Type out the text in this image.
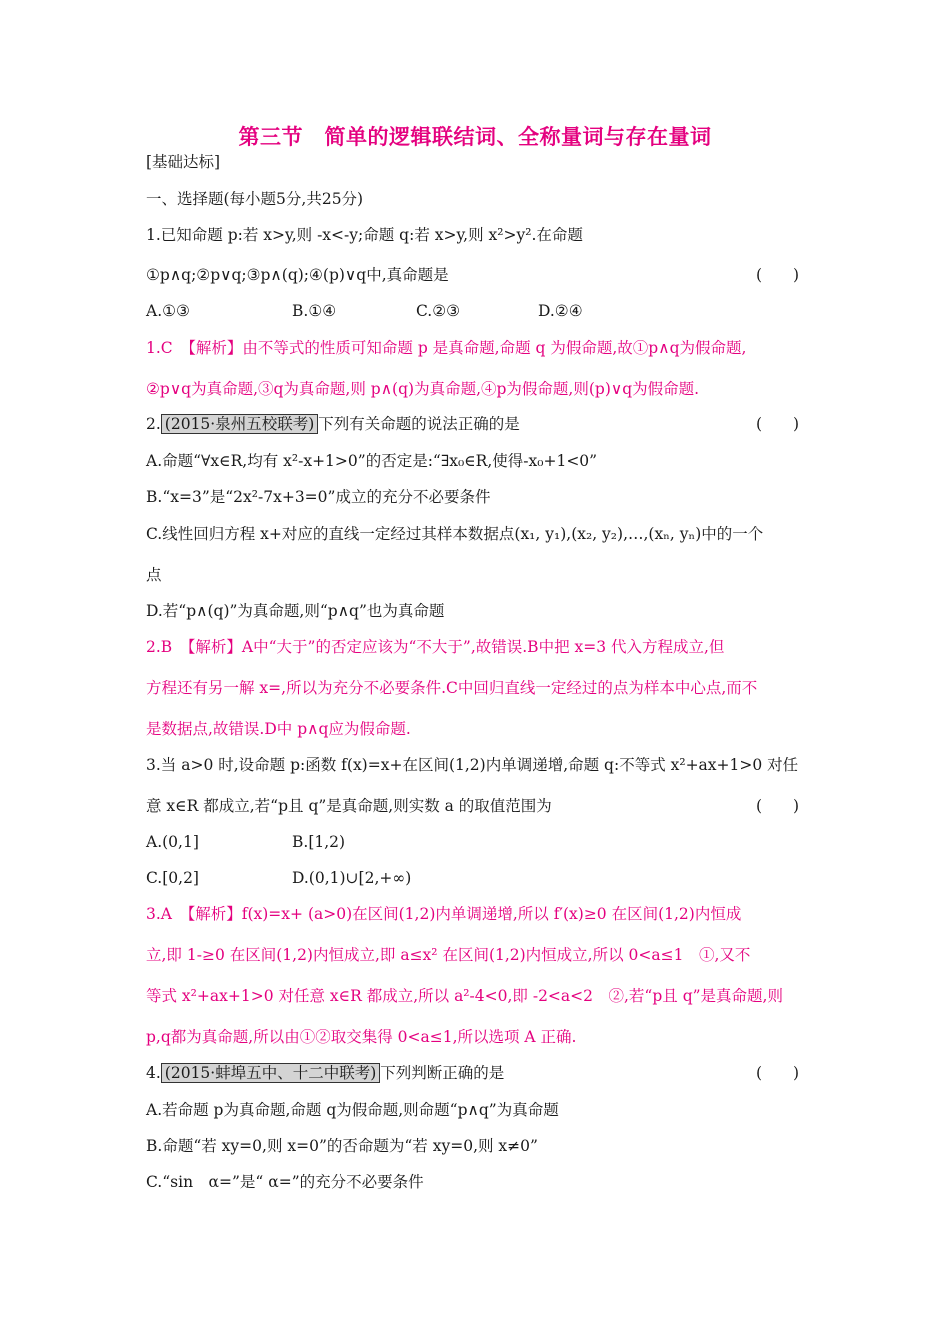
第三节　简单的逻辑联结词、全称量词与存在量词
[基础达标]
一、选择题(每小题5分,共25分)
1.已知命题 p:若 x>y,则 -x<-y;命题 q:若 x>y,则 x²>y².在命题
①p∧q;②p∨q;③p∧(q);④(p)∨q中,真命题是	(　　)
A.①③	B.①④	C.②③	D.②④
1.C　【解析】由不等式的性质可知命题 p 是真命题,命题 q 为假命题,故①p∧q为假命题,
②p∨q为真命题,③q为真命题,则 p∧(q)为真命题,④p为假命题,则(p)∨q为假命题.
2. (2015·泉州五校联考) 下列有关命题的说法正确的是	(　　)
A.命题“∀x∈R,均有 x²-x+1>0”的否定是:“∃x₀∈R,使得-x₀+1<0”
B.“x=3”是“2x²-7x+3=0”成立的充分不必要条件
C.线性回归方程 x+对应的直线一定经过其样本数据点(x₁, y₁),(x₂, y₂),…,(xₙ, yₙ)中的一个
点
D.若“p∧(q)”为真命题,则“p∧q”也为真命题
2.B　【解析】A中“大于”的否定应该为“不大于”,故错误.B中把 x=3 代入方程成立,但
方程还有另一解 x=,所以为充分不必要条件.C中回归直线一定经过的点为样本中心点,而不
是数据点,故错误.D中 p∧q应为假命题.
3.当 a>0 时,设命题 p:函数 f(x)=x+在区间(1,2)内单调递增,命题 q:不等式 x²+ax+1>0 对任
意 x∈R 都成立,若“p且 q”是真命题,则实数 a 的取值范围为	(　　)
A.(0,1]	B.[1,2)
C.[0,2]	D.(0,1)∪[2,+∞)
3.A　【解析】f(x)=x+ (a>0)在区间(1,2)内单调递增,所以 f′(x)≥0 在区间(1,2)内恒成
立,即 1-≥0 在区间(1,2)内恒成立,即 a≤x² 在区间(1,2)内恒成立,所以 0<a≤1　①,又不
等式 x²+ax+1>0 对任意 x∈R 都成立,所以 a²-4<0,即 -2<a<2　②,若“p且 q”是真命题,则
p,q都为真命题,所以由①②取交集得 0<a≤1,所以选项 A 正确.
4. (2015·蚌埠五中、十二中联考) 下列判断正确的是	(　　)
A.若命题 p为真命题,命题 q为假命题,则命题“p∧q”为真命题
B.命题“若 xy=0,则 x=0”的否命题为“若 xy=0,则 x≠0”
C.“sin　α=”是“ α=”的充分不必要条件
